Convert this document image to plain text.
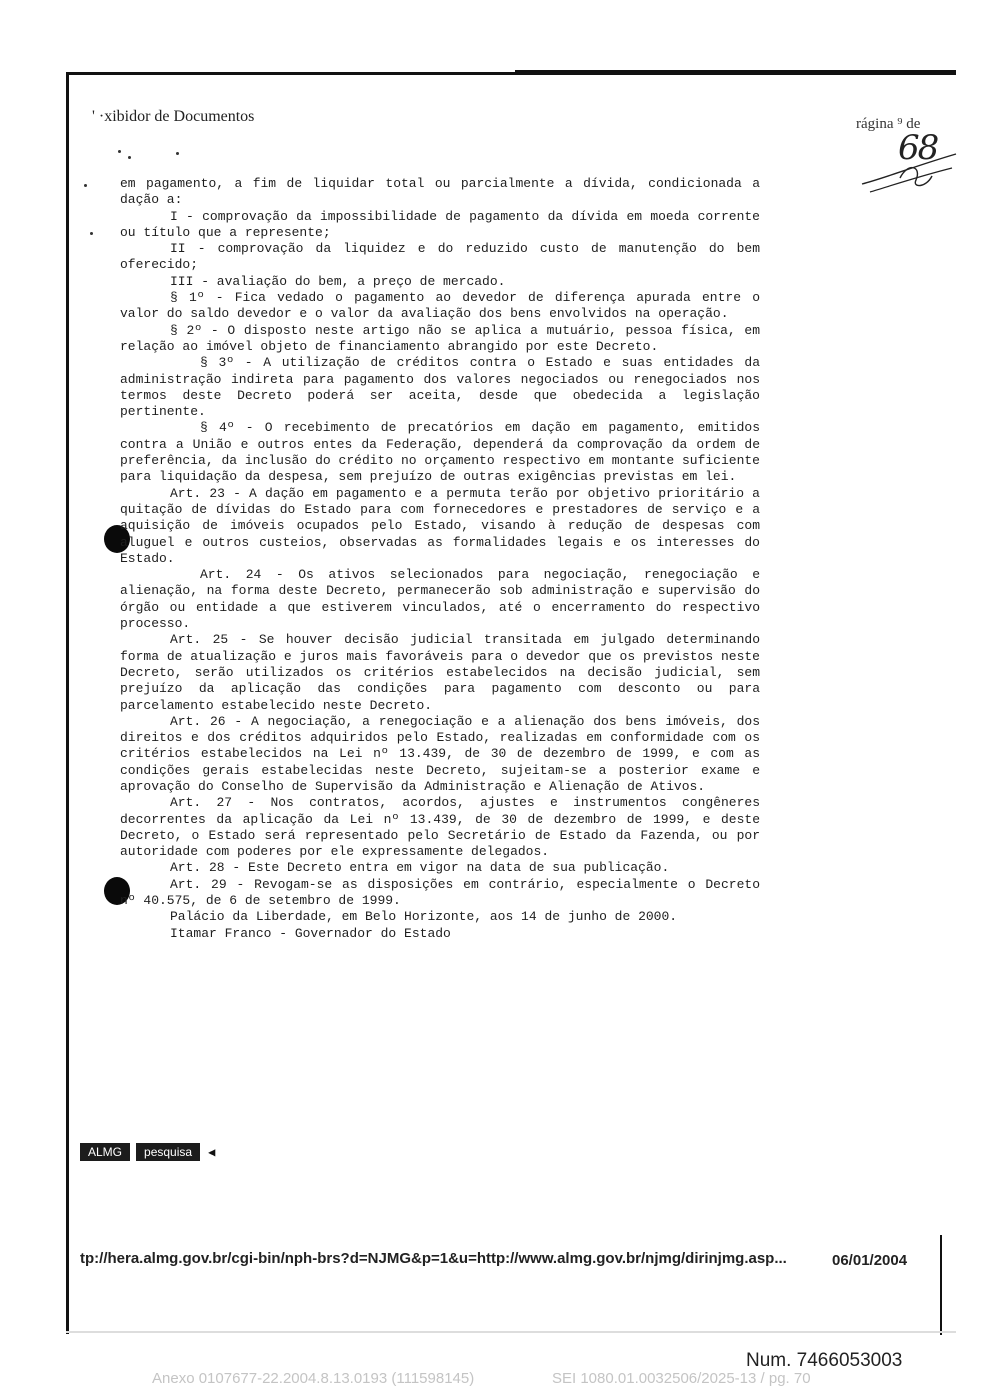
' ·xibidor de Documentos	rágina ⁹ de
68

em pagamento, a fim de liquidar total ou parcialmente a dívida, condicionada a dação a:

I - comprovação da impossibilidade de pagamento da dívida em moeda corrente ou título que a represente;

II - comprovação da liquidez e do reduzido custo de manutenção do bem oferecido;

III - avaliação do bem, a preço de mercado.

§ 1º - Fica vedado o pagamento ao devedor de diferença apurada entre o valor do saldo devedor e o valor da avaliação dos bens envolvidos na operação.

§ 2º - O disposto neste artigo não se aplica a mutuário, pessoa física, em relação ao imóvel objeto de financiamento abrangido por este Decreto.

§ 3º - A utilização de créditos contra o Estado e suas entidades da administração indireta para pagamento dos valores negociados ou renegociados nos termos deste Decreto poderá ser aceita, desde que obedecida a legislação pertinente.

§ 4º - O recebimento de precatórios em dação em pagamento, emitidos contra a União e outros entes da Federação, dependerá da comprovação da ordem de preferência, da inclusão do crédito no orçamento respectivo em montante suficiente para liquidação da despesa, sem prejuízo de outras exigências previstas em lei.

Art. 23 - A dação em pagamento e a permuta terão por objetivo prioritário a quitação de dívidas do Estado para com fornecedores e prestadores de serviço e a aquisição de imóveis ocupados pelo Estado, visando à redução de despesas com aluguel e outros custeios, observadas as formalidades legais e os interesses do Estado.

Art. 24 - Os ativos selecionados para negociação, renegociação e alienação, na forma deste Decreto, permanecerão sob administração e supervisão do órgão ou entidade a que estiverem vinculados, até o encerramento do respectivo processo.

Art. 25 - Se houver decisão judicial transitada em julgado determinando forma de atualização e juros mais favoráveis para o devedor que os previstos neste Decreto, serão utilizados os critérios estabelecidos na decisão judicial, sem prejuízo da aplicação das condições para pagamento com desconto ou para parcelamento estabelecido neste Decreto.

Art. 26 - A negociação, a renegociação e a alienação dos bens imóveis, dos direitos e dos créditos adquiridos pelo Estado, realizadas em conformidade com os critérios estabelecidos na Lei nº 13.439, de 30 de dezembro de 1999, e com as condições gerais estabelecidas neste Decreto, sujeitam-se a posterior exame e aprovação do Conselho de Supervisão da Administração e Alienação de Ativos.

Art. 27 - Nos contratos, acordos, ajustes e instrumentos congêneres decorrentes da aplicação da Lei nº 13.439, de 30 de dezembro de 1999, e deste Decreto, o Estado será representado pelo Secretário de Estado da Fazenda, ou por autoridade com poderes por ele expressamente delegados.

Art. 28 - Este Decreto entra em vigor na data de sua publicação.

Art. 29 - Revogam-se as disposições em contrário, especialmente o Decreto nº 40.575, de 6 de setembro de 1999.

Palácio da Liberdade, em Belo Horizonte, aos 14 de junho de 2000.

Itamar Franco - Governador do Estado

ALMG	pesquisa	◀
tp://hera.almg.gov.br/cgi-bin/nph-brs?d=NJMG&p=1&u=http://www.almg.gov.br/njmg/dirinjmg.asp...	06/01/2004
Num. 7466053003
Anexo 0107677-22.2004.8.13.0193 (111598145)	SEI 1080.01.0032506/2025-13 / pg. 70
